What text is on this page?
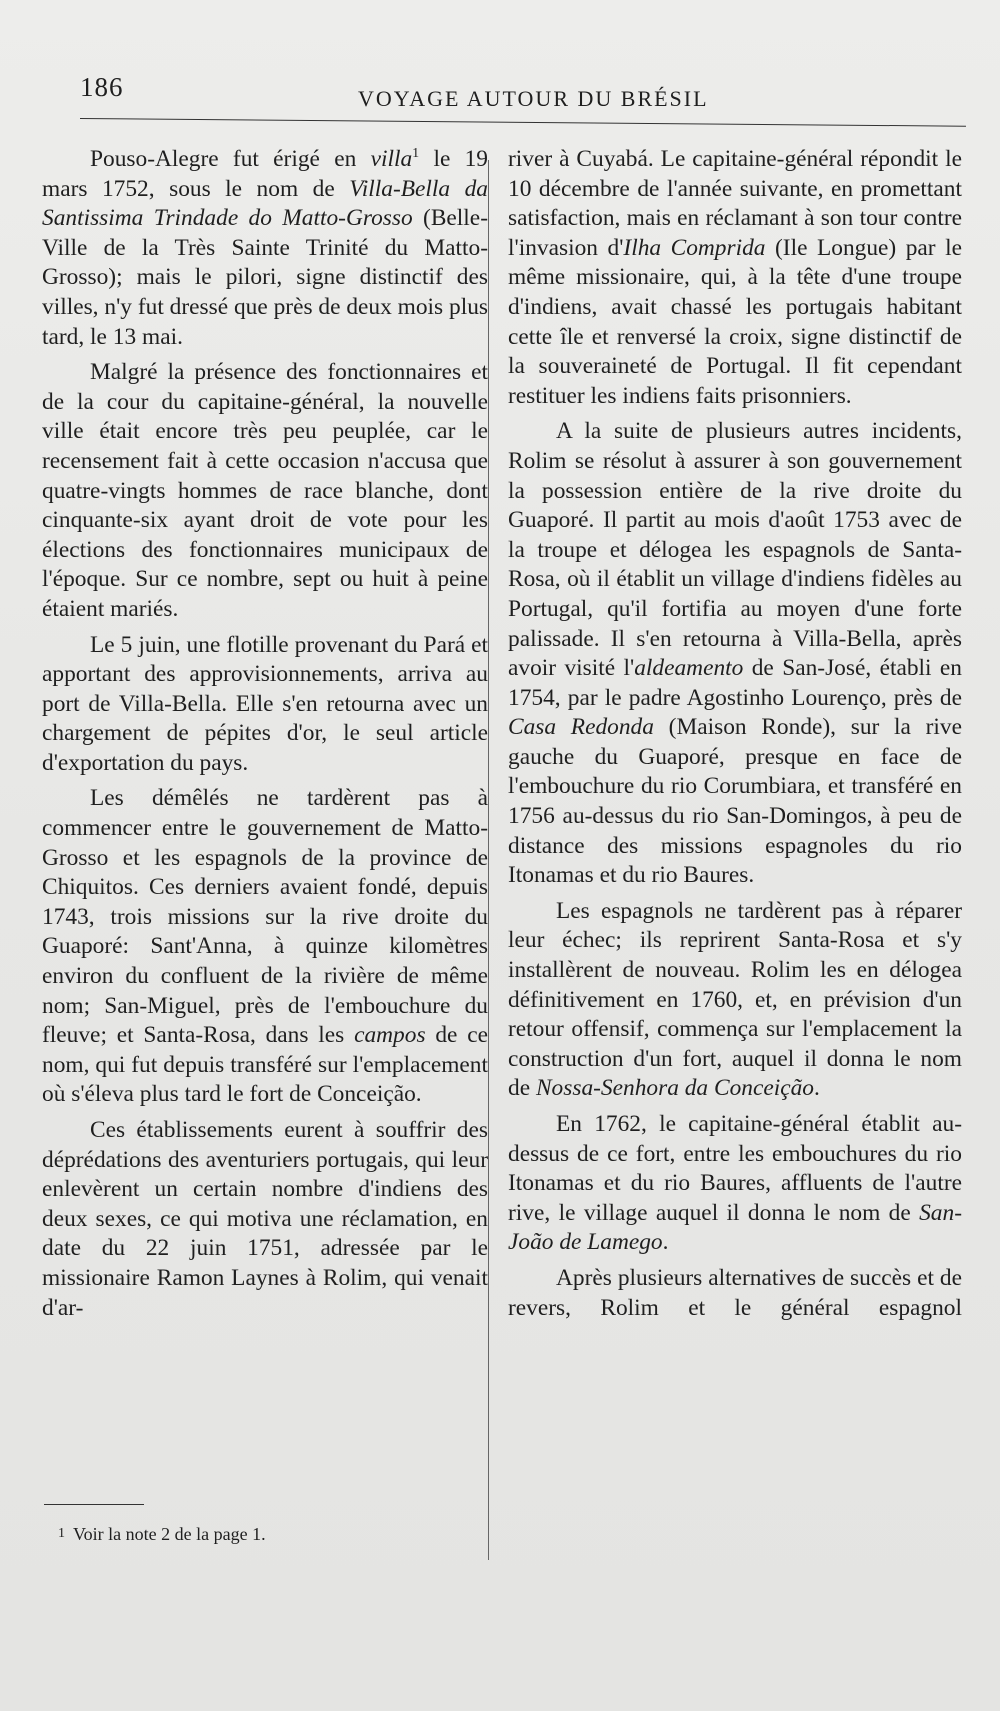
186	VOYAGE AUTOUR DU BRÉSIL

Pouso-Alegre fut érigé en villa$^1$ le 19 mars 1752, sous le nom de Villa-Bella da Santissima Trindade do Matto-Grosso (Belle-Ville de la Très Sainte Trinité du Matto-Grosso); mais le pilori, signe distinctif des villes, n'y fut dressé que près de deux mois plus tard, le 13 mai.

Malgré la présence des fonctionnaires et de la cour du capitaine-général, la nouvelle ville était encore très peu peuplée, car le recensement fait à cette occasion n'accusa que quatre-vingts hommes de race blanche, dont cinquante-six ayant droit de vote pour les élections des fonctionnaires municipaux de l'époque. Sur ce nombre, sept ou huit à peine étaient mariés.

Le 5 juin, une flotille provenant du Pará et apportant des approvisionnements, arriva au port de Villa-Bella. Elle s'en retourna avec un chargement de pépites d'or, le seul article d'exportation du pays.

Les démêlés ne tardèrent pas à commencer entre le gouvernement de Matto-Grosso et les espagnols de la province de Chiquitos. Ces derniers avaient fondé, depuis 1743, trois missions sur la rive droite du Guaporé: Sant'Anna, à quinze kilomètres environ du confluent de la rivière de même nom; San-Miguel, près de l'embouchure du fleuve; et Santa-Rosa, dans les campos de ce nom, qui fut depuis transféré sur l'emplacement où s'éleva plus tard le fort de Conceição.

Ces établissements eurent à souffrir des déprédations des aventuriers portugais, qui leur enlevèrent un certain nombre d'indiens des deux sexes, ce qui motiva une réclamation, en date du 22 juin 1751, adressée par le missionaire Ramon Laynes à Rolim, qui venait d'ar-

river à Cuyabá. Le capitaine-général répondit le 10 décembre de l'année suivante, en promettant satisfaction, mais en réclamant à son tour contre l'invasion d'Ilha Comprida (Ile Longue) par le même missionaire, qui, à la tête d'une troupe d'indiens, avait chassé les portugais habitant cette île et renversé la croix, signe distinctif de la souveraineté de Portugal. Il fit cependant restituer les indiens faits prisonniers.

A la suite de plusieurs autres incidents, Rolim se résolut à assurer à son gouvernement la possession entière de la rive droite du Guaporé. Il partit au mois d'août 1753 avec de la troupe et délogea les espagnols de Santa-Rosa, où il établit un village d'indiens fidèles au Portugal, qu'il fortifia au moyen d'une forte palissade. Il s'en retourna à Villa-Bella, après avoir visité l'aldeamento de San-José, établi en 1754, par le padre Agostinho Lourenço, près de Casa Redonda (Maison Ronde), sur la rive gauche du Guaporé, presque en face de l'embouchure du rio Corumbiara, et transféré en 1756 au-dessus du rio San-Domingos, à peu de distance des missions espagnoles du rio Itonamas et du rio Baures.

Les espagnols ne tardèrent pas à réparer leur échec; ils reprirent Santa-Rosa et s'y installèrent de nouveau. Rolim les en délogea définitivement en 1760, et, en prévision d'un retour offensif, commença sur l'emplacement la construction d'un fort, auquel il donna le nom de Nossa-Senhora da Conceição.

En 1762, le capitaine-général établit au-dessus de ce fort, entre les embouchures du rio Itonamas et du rio Baures, affluents de l'autre rive, le village auquel il donna le nom de San-João de Lamego.

Après plusieurs alternatives de succès et de revers, Rolim et le général espagnol

1 Voir la note 2 de la page 1.
